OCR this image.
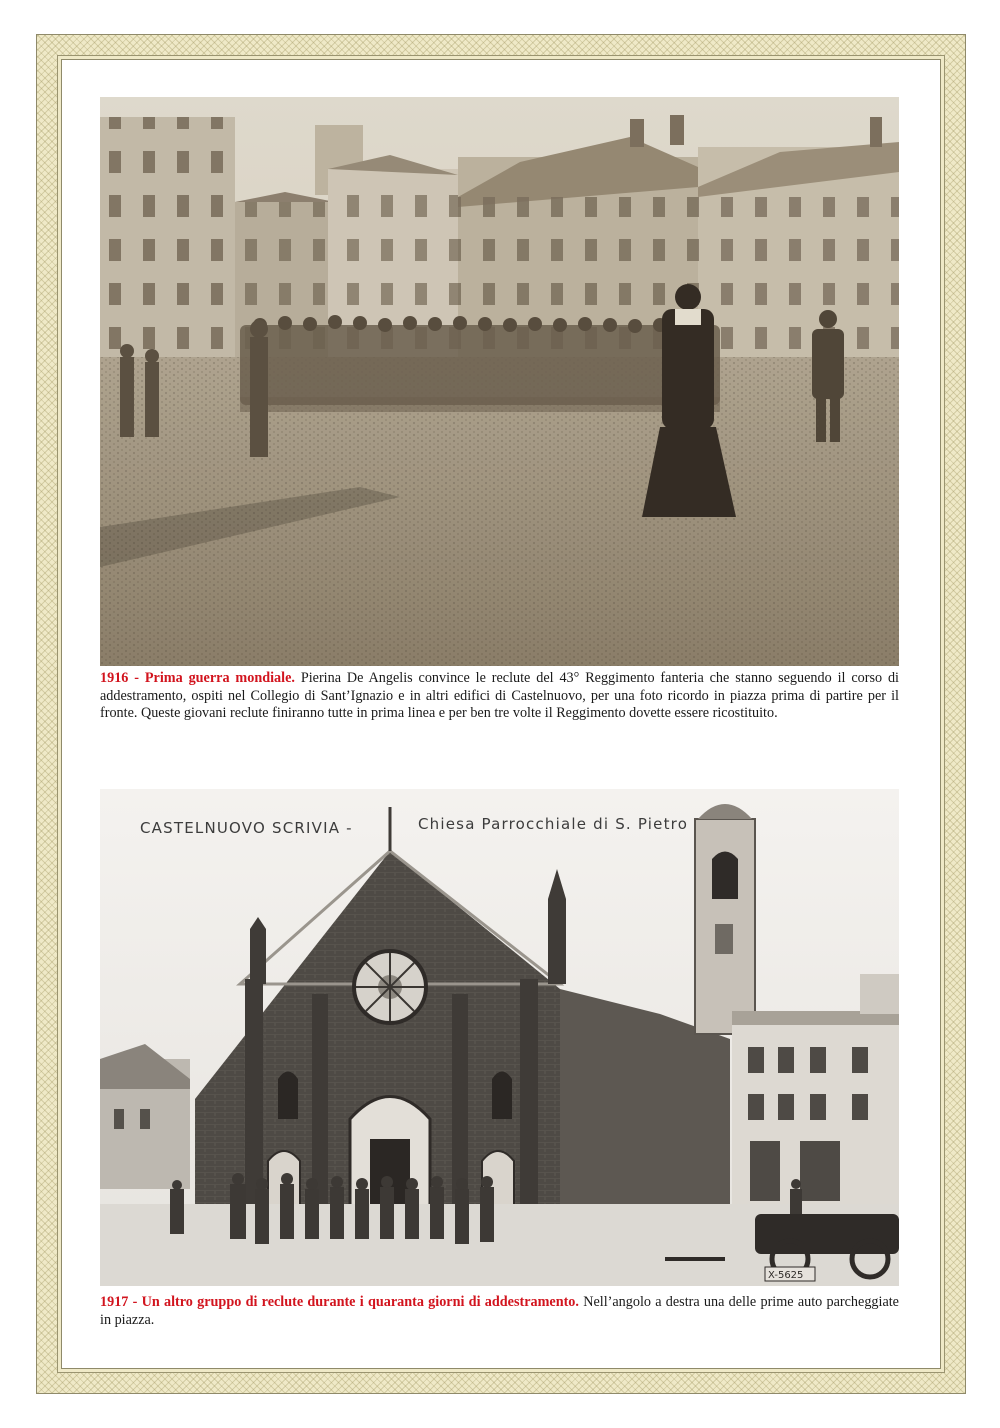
1916 - Prima guerra mondiale. Pierina De Angelis convince le reclute del 43° Reggimento fanteria che stanno seguendo il corso di addestramento, ospiti nel Collegio di Sant’Ignazio e in altri edifici di Castelnuovo, per una foto ricordo in piazza prima di partire per il fronte. Queste giovani reclute finiranno tutte in prima linea e per ben tre volte il Reggimento dovette essere ricostituito.
CASTELNUOVO SCRIVIA -	Chiesa Parrocchiale di S. Pietro
X-5625
1917 - Un altro gruppo di reclute durante i quaranta giorni di addestramento. Nell’angolo a destra una delle prime auto parcheggiate in piazza.
